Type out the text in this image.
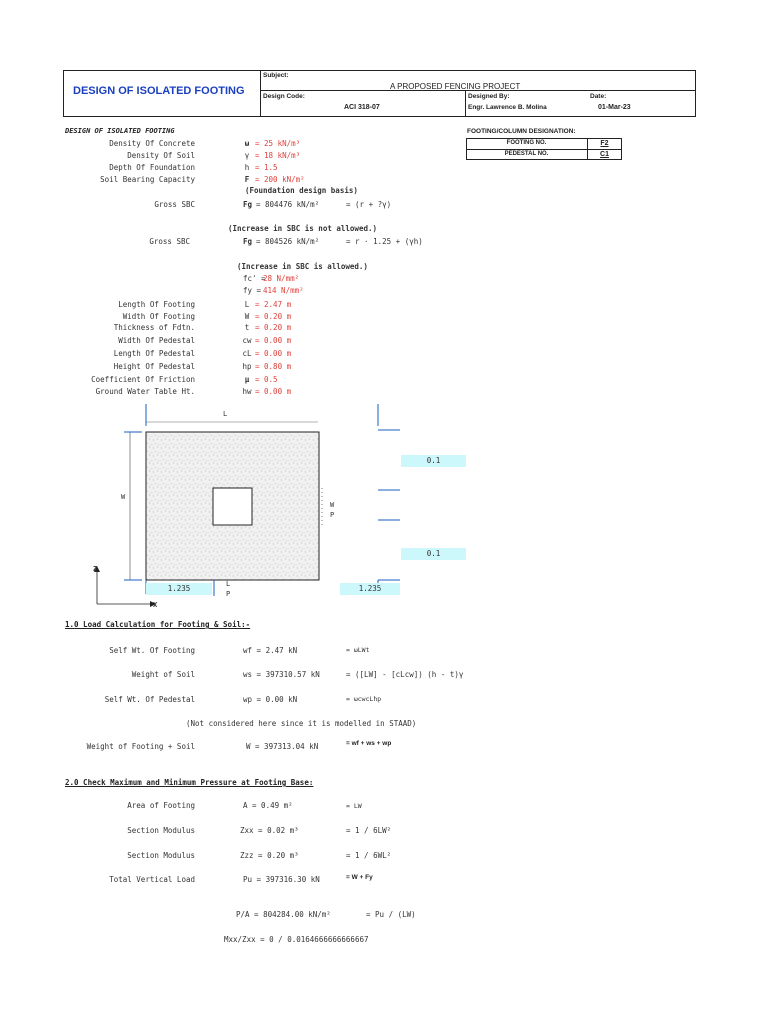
DESIGN OF ISOLATED FOOTING
Subject:
A PROPOSED FENCING PROJECT
Design Code:
ACI 318-07
Designed By:
Engr. Lawrence B. Molina
Date:
01-Mar-23
FOOTING/COLUMN DESIGNATION:
FOOTING NO.	F2
PEDESTAL NO.	C1
DESIGN OF ISOLATED FOOTING
Density Of Concrete	ω = 25 kN/m³
Density Of Soil	γ = 18 kN/m³
Depth Of Foundation	h = 1.5
Soil Bearing Capacity	F = 200 kN/m²
(Foundation design basis)
Gross SBC	Fg = 804476 kN/m²	= (r + ?γ)
(Increase in SBC is not allowed.)
Gross SBC	Fg = 804526 kN/m²	= r · 1.25 + (γh)
(Increase in SBC is allowed.)
fc' =
28 N/mm²
fy = 414 N/mm²
Length Of Footing	L = 2.47 m
Width Of Footing	W = 0.20 m
Thickness of Fdtn.	t = 0.20 m
Width Of Pedestal	cw = 0.00 m
Length Of Pedestal	cL = 0.00 m
Height Of Pedestal	hp = 0.80 m
Coefficient Of Friction	μ = 0.5
Ground Water Table Ht.	hw = 0.00 m
L
W
W
P
L
P
Z
X
0.1
0.1
1.235	1.235
1.0 Load Calculation for Footing & Soil:-
Self Wt. Of Footing	wf = 2.47 kN	= ωLWt
Weight of Soil	ws = 397310.57 kN	= ([LW] - [cLcw]) (h - t)γ
Self Wt. Of Pedestal	wp = 0.00 kN	= ωcwcLhp
(Not considered here since it is modelled in STAAD)
Weight of Footing + Soil	W = 397313.04 kN	= wf + ws + wp
2.0 Check Maximum and Minimum Pressure at Footing Base:
Area of Footing	A = 0.49 m²	= LW
Section Modulus	Zxx = 0.02 m³	= 1 / 6LW²
Section Modulus	Zzz = 0.20 m³	= 1 / 6WL²
Total Vertical Load	Pu = 397316.30 kN	= W + Fy
P/A = 804284.00 kN/m²	= Pu / (LW)
Mxx/Zxx = 0 / 0.0164666666666667
